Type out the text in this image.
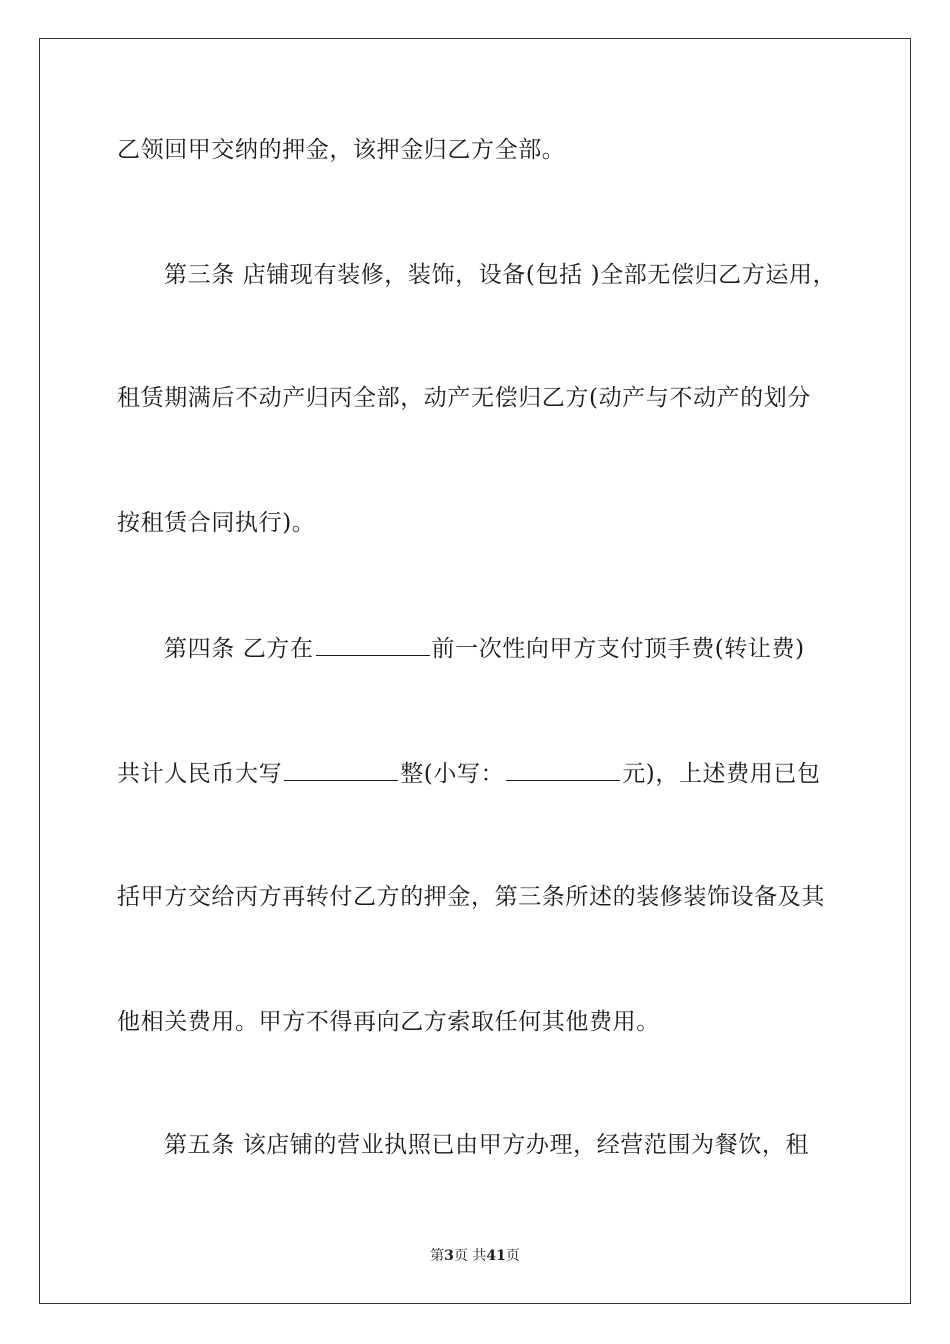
乙领回甲交纳的押金，该押金归乙方全部。
第三条 店铺现有装修，装饰，设备(包括 )全部无偿归乙方运用，
租赁期满后不动产归丙全部，动产无偿归乙方(动产与不动产的划分
按租赁合同执行)。
第四条 乙方在	前一次性向甲方支付顶手费(转让费)
共计人民币大写	整(小写：	元)，上述费用已包
括甲方交给丙方再转付乙方的押金，第三条所述的装修装饰设备及其
他相关费用。甲方不得再向乙方索取任何其他费用。
第五条 该店铺的营业执照已由甲方办理，经营范围为餐饮，租
第3页 共41页
